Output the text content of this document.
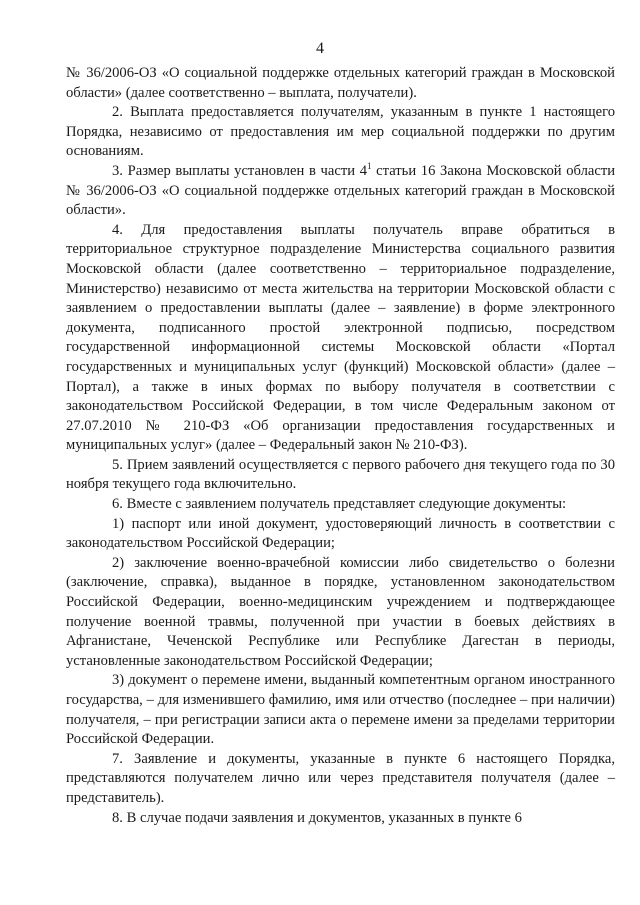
4

№ 36/2006-ОЗ «О социальной поддержке отдельных категорий граждан в Московской области» (далее соответственно – выплата, получатели).

2. Выплата предоставляется получателям, указанным в пункте 1 настоящего Порядка, независимо от предоставления им мер социальной поддержки по другим основаниям.

3. Размер выплаты установлен в части $4^1$ статьи 16 Закона Московской области № 36/2006-ОЗ «О социальной поддержке отдельных категорий граждан в Московской области».

4. Для предоставления выплаты получатель вправе обратиться в территориальное структурное подразделение Министерства социального развития Московской области (далее соответственно – территориальное подразделение, Министерство) независимо от места жительства на территории Московской области с заявлением о предоставлении выплаты (далее – заявление) в форме электронного документа, подписанного простой электронной подписью, посредством государственной информационной системы Московской области «Портал государственных и муниципальных услуг (функций) Московской области» (далее – Портал), а также в иных формах по выбору получателя в соответствии с законодательством Российской Федерации, в том числе Федеральным законом от 27.07.2010 № 210-ФЗ «Об организации предоставления государственных и муниципальных услуг» (далее – Федеральный закон № 210-ФЗ).

5. Прием заявлений осуществляется с первого рабочего дня текущего года по 30 ноября текущего года включительно.

6. Вместе с заявлением получатель представляет следующие документы:

1) паспорт или иной документ, удостоверяющий личность в соответствии с законодательством Российской Федерации;

2) заключение военно-врачебной комиссии либо свидетельство о болезни (заключение, справка), выданное в порядке, установленном законодательством Российской Федерации, военно-медицинским учреждением и подтверждающее получение военной травмы, полученной при участии в боевых действиях в Афганистане, Чеченской Республике или Республике Дагестан в периоды, установленные законодательством Российской Федерации;

3) документ о перемене имени, выданный компетентным органом иностранного государства, – для изменившего фамилию, имя или отчество (последнее – при наличии) получателя, – при регистрации записи акта о перемене имени за пределами территории Российской Федерации.

7. Заявление и документы, указанные в пункте 6 настоящего Порядка, представляются получателем лично или через представителя получателя (далее – представитель).

8. В случае подачи заявления и документов, указанных в пункте 6
